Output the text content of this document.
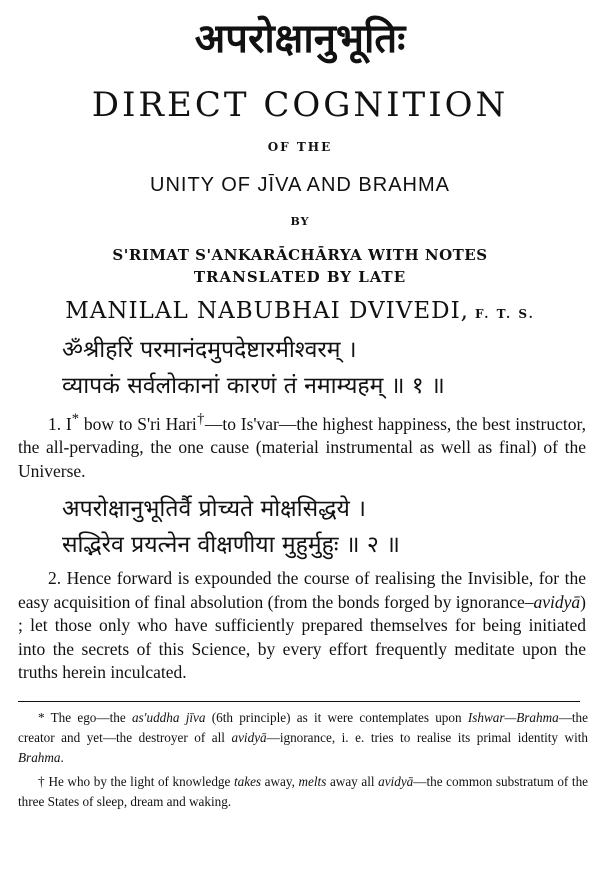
अपरोक्षानुभूतिः
DIRECT COGNITION
OF THE
UNITY OF JĪVA AND BRAHMA
BY
S'RIMAT S'ANKARĀCHĀRYA WITH NOTES
TRANSLATED BY LATE
MANILAL NABUBHAI DVIVEDI, F. T. S.
ॐश्रीहरिं परमानंदमुपदेष्टारमीश्वरम् ।
व्यापकं सर्वलोकानां कारणं तं नमाम्यहम् ॥ १ ॥

1. I* bow to S'ri Hari†—to Is'var—the highest happiness, the best instructor, the all-pervading, the one cause (material instrumental as well as final) of the Universe.

अपरोक्षानुभूतिर्वै प्रोच्यते मोक्षसिद्धये ।
सद्भिरेव प्रयत्नेन वीक्षणीया मुहुर्मुहुः ॥ २ ॥

2. Hence forward is expounded the course of realising the Invisible, for the easy acquisition of final absolution (from the bonds forged by ignorance–avidyā) ; let those only who have sufficiently prepared themselves for being initiated into the secrets of this Science, by every effort frequently meditate upon the truths herein inculcated.

* The ego—the as'uddha jīva (6th principle) as it were contemplates upon Ishwar—Brahma—the creator and yet—the destroyer of all avidyā—ignorance, i. e. tries to realise its primal identity with Brahma.

† He who by the light of knowledge takes away, melts away all avidyā—the common substratum of the three States of sleep, dream and waking.
